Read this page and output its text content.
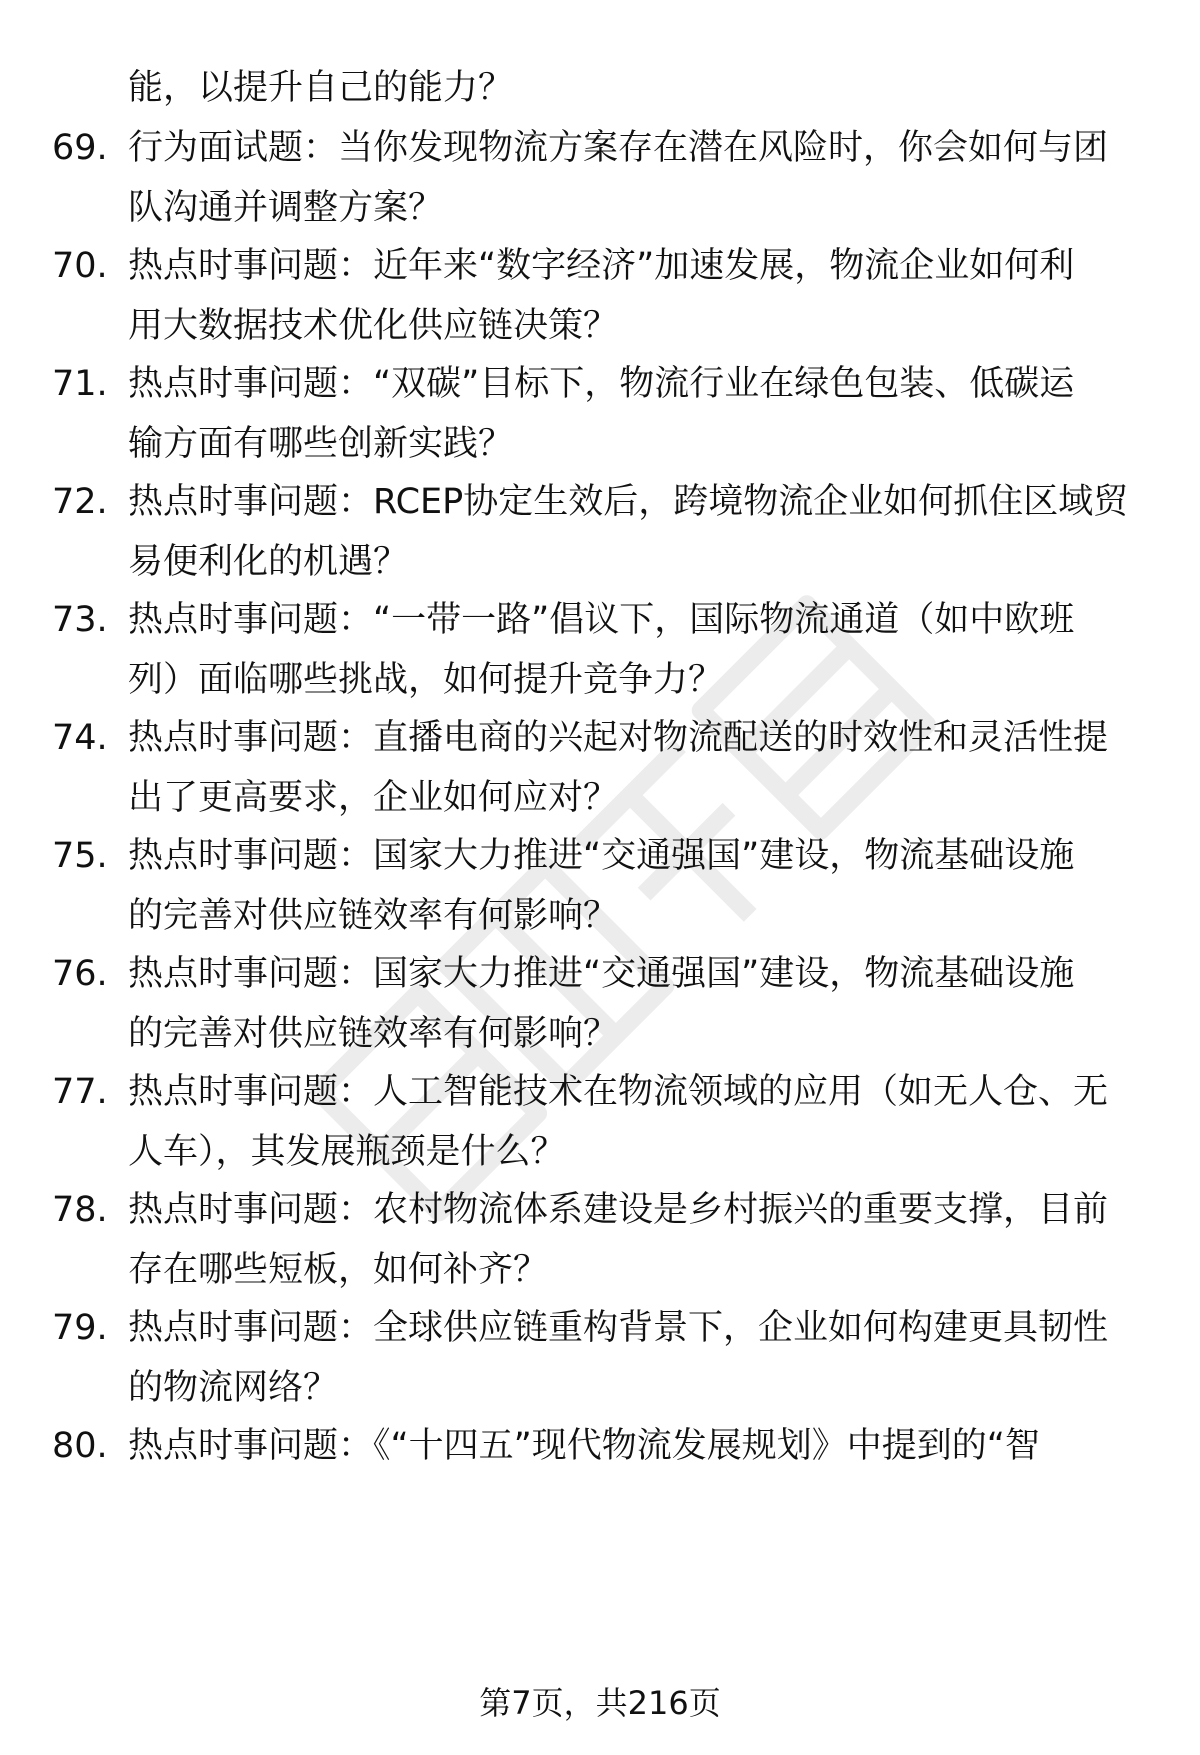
能，以提升自己的能力？
69. 行为面试题：当你发现物流方案存在潜在风险时，你会如何与团
队沟通并调整方案？
70. 热点时事问题：近年来“数字经济”加速发展，物流企业如何利
用大数据技术优化供应链决策？
71. 热点时事问题：“双碳”目标下，物流行业在绿色包装、低碳运
输方面有哪些创新实践？
72. 热点时事问题：RCEP协定生效后，跨境物流企业如何抓住区域贸
易便利化的机遇？
73. 热点时事问题：“一带一路”倡议下，国际物流通道（如中欧班
列）面临哪些挑战，如何提升竞争力？
74. 热点时事问题：直播电商的兴起对物流配送的时效性和灵活性提
出了更高要求，企业如何应对？
75. 热点时事问题：国家大力推进“交通强国”建设，物流基础设施
的完善对供应链效率有何影响？
76. 热点时事问题：国家大力推进“交通强国”建设，物流基础设施
的完善对供应链效率有何影响？
77. 热点时事问题：人工智能技术在物流领域的应用（如无人仓、无
人车），其发展瓶颈是什么？
78. 热点时事问题：农村物流体系建设是乡村振兴的重要支撑，目前
存在哪些短板，如何补齐？
79. 热点时事问题：全球供应链重构背景下，企业如何构建更具韧性
的物流网络？
80. 热点时事问题：《“十四五”现代物流发展规划》中提到的“智
第7页，共216页
